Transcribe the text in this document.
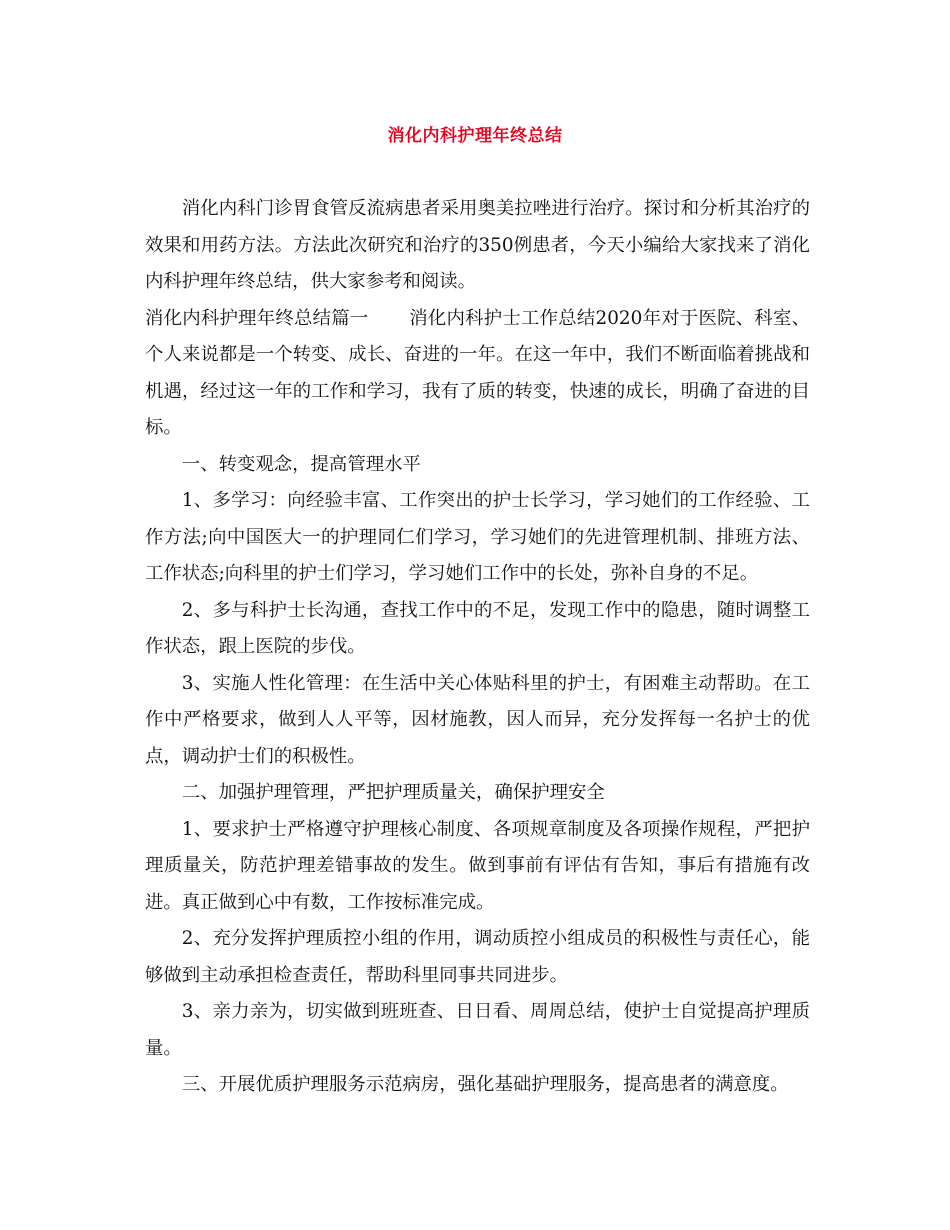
消化内科护理年终总结

消化内科门诊胃食管反流病患者采用奥美拉唑进行治疗。探讨和分析其治疗的效果和用药方法。方法此次研究和治疗的350例患者，今天小编给大家找来了消化内科护理年终总结，供大家参考和阅读。

消化内科护理年终总结篇一 消化内科护士工作总结2020年对于医院、科室、个人来说都是一个转变、成长、奋进的一年。在这一年中，我们不断面临着挑战和机遇，经过这一年的工作和学习，我有了质的转变，快速的成长，明确了奋进的目标。

一、转变观念，提高管理水平

1、多学习：向经验丰富、工作突出的护士长学习，学习她们的工作经验、工作方法;向中国医大一的护理同仁们学习，学习她们的先进管理机制、排班方法、工作状态;向科里的护士们学习，学习她们工作中的长处，弥补自身的不足。

2、多与科护士长沟通，查找工作中的不足，发现工作中的隐患，随时调整工作状态，跟上医院的步伐。

3、实施人性化管理：在生活中关心体贴科里的护士，有困难主动帮助。在工作中严格要求，做到人人平等，因材施教，因人而异，充分发挥每一名护士的优点，调动护士们的积极性。

二、加强护理管理，严把护理质量关，确保护理安全

1、要求护士严格遵守护理核心制度、各项规章制度及各项操作规程，严把护理质量关，防范护理差错事故的发生。做到事前有评估有告知，事后有措施有改进。真正做到心中有数，工作按标准完成。

2、充分发挥护理质控小组的作用，调动质控小组成员的积极性与责任心，能够做到主动承担检查责任，帮助科里同事共同进步。

3、亲力亲为，切实做到班班查、日日看、周周总结，使护士自觉提高护理质量。

三、开展优质护理服务示范病房，强化基础护理服务，提高患者的满意度。
